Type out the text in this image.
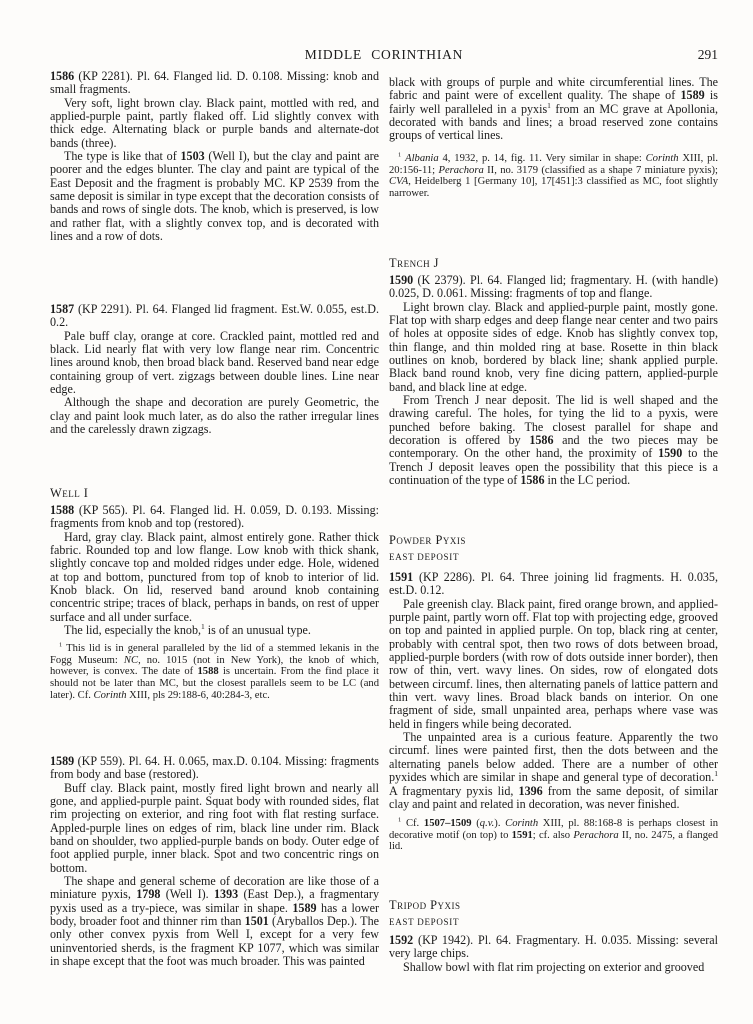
MIDDLE CORINTHIAN	291

1586 (KP 2281). Pl. 64. Flanged lid. D. 0.108. Missing: knob and small fragments.

Very soft, light brown clay. Black paint, mottled with red, and applied-purple paint, partly flaked off. Lid slightly convex with thick edge. Alternating black or purple bands and alternate-dot bands (three).

The type is like that of 1503 (Well I), but the clay and paint are poorer and the edges blunter. The clay and paint are typical of the East Deposit and the fragment is probably MC. KP 2539 from the same deposit is similar in type except that the decoration consists of bands and rows of single dots. The knob, which is preserved, is low and rather flat, with a slightly convex top, and is decorated with lines and a row of dots.

1587 (KP 2291). Pl. 64. Flanged lid fragment. Est.W. 0.055, est.D. 0.2.

Pale buff clay, orange at core. Crackled paint, mottled red and black. Lid nearly flat with very low flange near rim. Concentric lines around knob, then broad black band. Reserved band near edge containing group of vert. zigzags between double lines. Line near edge.

Although the shape and decoration are purely Geometric, the clay and paint look much later, as do also the rather irregular lines and the carelessly drawn zigzags.

Well I

1588 (KP 565). Pl. 64. Flanged lid. H. 0.059, D. 0.193. Missing: fragments from knob and top (restored).

Hard, gray clay. Black paint, almost entirely gone. Rather thick fabric. Rounded top and low flange. Low knob with thick shank, slightly concave top and molded ridges under edge. Hole, widened at top and bottom, punctured from top of knob to interior of lid. Knob black. On lid, reserved band around knob containing concentric stripe; traces of black, perhaps in bands, on rest of upper surface and all under surface.

The lid, especially the knob,$^1$ is of an unusual type.

$^1$ This lid is in general paralleled by the lid of a stemmed lekanis in the Fogg Museum: NC, no. 1015 (not in New York), the knob of which, however, is convex. The date of 1588 is uncertain. From the find place it should not be later than MC, but the closest parallels seem to be LC (and later). Cf. Corinth XIII, pls 29:188-6, 40:284-3, etc.

1589 (KP 559). Pl. 64. H. 0.065, max.D. 0.104. Missing: fragments from body and base (restored).

Buff clay. Black paint, mostly fired light brown and nearly all gone, and applied-purple paint. Squat body with rounded sides, flat rim projecting on exterior, and ring foot with flat resting surface. Appled-purple lines on edges of rim, black line under rim. Black band on shoulder, two applied-purple bands on body. Outer edge of foot applied purple, inner black. Spot and two concentric rings on bottom.

The shape and general scheme of decoration are like those of a miniature pyxis, 1798 (Well I). 1393 (East Dep.), a fragmentary pyxis used as a try-piece, was similar in shape. 1589 has a lower body, broader foot and thinner rim than 1501 (Aryballos Dep.). The only other convex pyxis from Well I, except for a very few uninventoried sherds, is the fragment KP 1077, which was similar in shape except that the foot was much broader. This was painted

black with groups of purple and white circumferential lines. The fabric and paint were of excellent quality. The shape of 1589 is fairly well paralleled in a pyxis$^1$ from an MC grave at Apollonia, decorated with bands and lines; a broad reserved zone contains groups of vertical lines.

$^1$ Albania 4, 1932, p. 14, fig. 11. Very similar in shape: Corinth XIII, pl. 20:156-11; Perachora II, no. 3179 (classified as a shape 7 miniature pyxis); CVA, Heidelberg 1 [Germany 10], 17[451]:3 classified as MC, foot slightly narrower.

Trench J

1590 (K 2379). Pl. 64. Flanged lid; fragmentary. H. (with handle) 0.025, D. 0.061. Missing: fragments of top and flange.

Light brown clay. Black and applied-purple paint, mostly gone. Flat top with sharp edges and deep flange near center and two pairs of holes at opposite sides of edge. Knob has slightly convex top, thin flange, and thin molded ring at base. Rosette in thin black outlines on knob, bordered by black line; shank applied purple. Black band round knob, very fine dicing pattern, applied-purple band, and black line at edge.

From Trench J near deposit. The lid is well shaped and the drawing careful. The holes, for tying the lid to a pyxis, were punched before baking. The closest parallel for shape and decoration is offered by 1586 and the two pieces may be contemporary. On the other hand, the proximity of 1590 to the Trench J deposit leaves open the possibility that this piece is a continuation of the type of 1586 in the LC period.

Powder Pyxis
East Deposit

1591 (KP 2286). Pl. 64. Three joining lid fragments. H. 0.035, est.D. 0.12.

Pale greenish clay. Black paint, fired orange brown, and applied-purple paint, partly worn off. Flat top with projecting edge, grooved on top and painted in applied purple. On top, black ring at center, probably with central spot, then two rows of dots between broad, applied-purple borders (with row of dots outside inner border), then row of thin, vert. wavy lines. On sides, row of elongated dots between circumf. lines, then alternating panels of lattice pattern and thin vert. wavy lines. Broad black bands on interior. On one fragment of side, small unpainted area, perhaps where vase was held in fingers while being decorated.

The unpainted area is a curious feature. Apparently the two circumf. lines were painted first, then the dots between and the alternating panels below added. There are a number of other pyxides which are similar in shape and general type of decoration.$^1$ A fragmentary pyxis lid, 1396 from the same deposit, of similar clay and paint and related in decoration, was never finished.

$^1$ Cf. 1507–1509 (q.v.). Corinth XIII, pl. 88:168-8 is perhaps closest in decorative motif (on top) to 1591; cf. also Perachora II, no. 2475, a flanged lid.

Tripod Pyxis
East Deposit

1592 (KP 1942). Pl. 64. Fragmentary. H. 0.035. Missing: several very large chips.

Shallow bowl with flat rim projecting on exterior and grooved
